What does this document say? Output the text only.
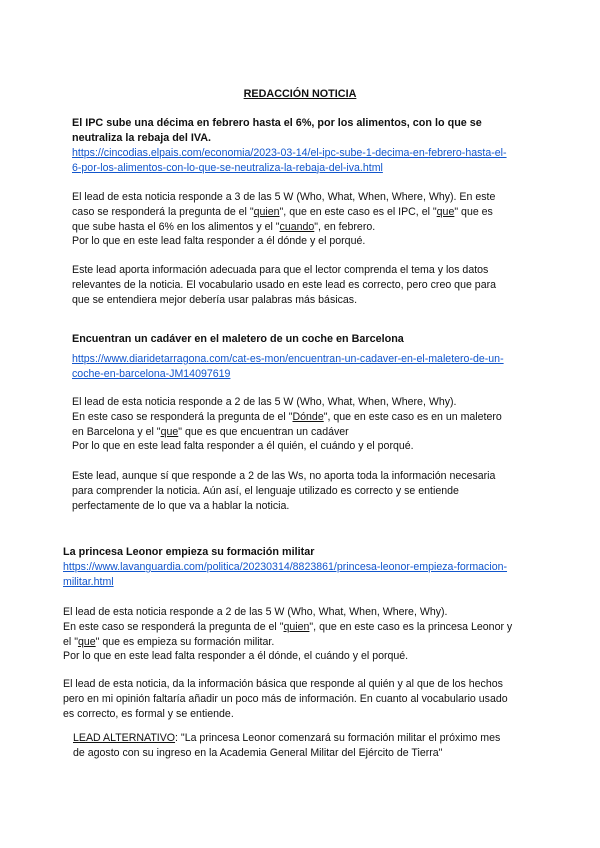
REDACCIÓN NOTICIA

El IPC sube una décima en febrero hasta el 6%, por los alimentos, con lo que se

neutraliza la rebaja del IVA.

https://cincodias.elpais.com/economia/2023-03-14/el-ipc-sube-1-decima-en-febrero-hasta-el-

6-por-los-alimentos-con-lo-que-se-neutraliza-la-rebaja-del-iva.html

El lead de esta noticia responde a 3 de las 5 W (Who, What, When, Where, Why). En este

caso se responderá la pregunta de el "quien", que en este caso es el IPC, el "que" que es

que sube hasta el 6% en los alimentos y el "cuando", en febrero.

Por lo que en este lead falta responder a él dónde y el porqué.

Este lead aporta información adecuada para que el lector comprenda el tema y los datos

relevantes de la noticia. El vocabulario usado en este lead es correcto, pero creo que para

que se entendiera mejor debería usar palabras más básicas.

Encuentran un cadáver en el maletero de un coche en Barcelona

https://www.diaridetarragona.com/cat-es-mon/encuentran-un-cadaver-en-el-maletero-de-un-

coche-en-barcelona-JM14097619

El lead de esta noticia responde a 2 de las 5 W (Who, What, When, Where, Why).

En este caso se responderá la pregunta de el "Dónde", que en este caso es en un maletero

en Barcelona y el "que" que es que encuentran un cadáver

Por lo que en este lead falta responder a él quién, el cuándo y el porqué.

Este lead, aunque sí que responde a 2 de las Ws, no aporta toda la información necesaria

para comprender la noticia. Aún así, el lenguaje utilizado es correcto y se entiende

perfectamente de lo que va a hablar la noticia.

La princesa Leonor empieza su formación militar

https://www.lavanguardia.com/politica/20230314/8823861/princesa-leonor-empieza-formacion-

militar.html

El lead de esta noticia responde a 2 de las 5 W (Who, What, When, Where, Why).

En este caso se responderá la pregunta de el "quien", que en este caso es la princesa Leonor y

el "que" que es empieza su formación militar.

Por lo que en este lead falta responder a él dónde, el cuándo y el porqué.

El lead de esta noticia, da la información básica que responde al quién y al que de los hechos

pero en mi opinión faltaría añadir un poco más de información. En cuanto al vocabulario usado

es correcto, es formal y se entiende.

LEAD ALTERNATIVO: "La princesa Leonor comenzará su formación militar el próximo mes

de agosto con su ingreso en la Academia General Militar del Ejército de Tierra"
